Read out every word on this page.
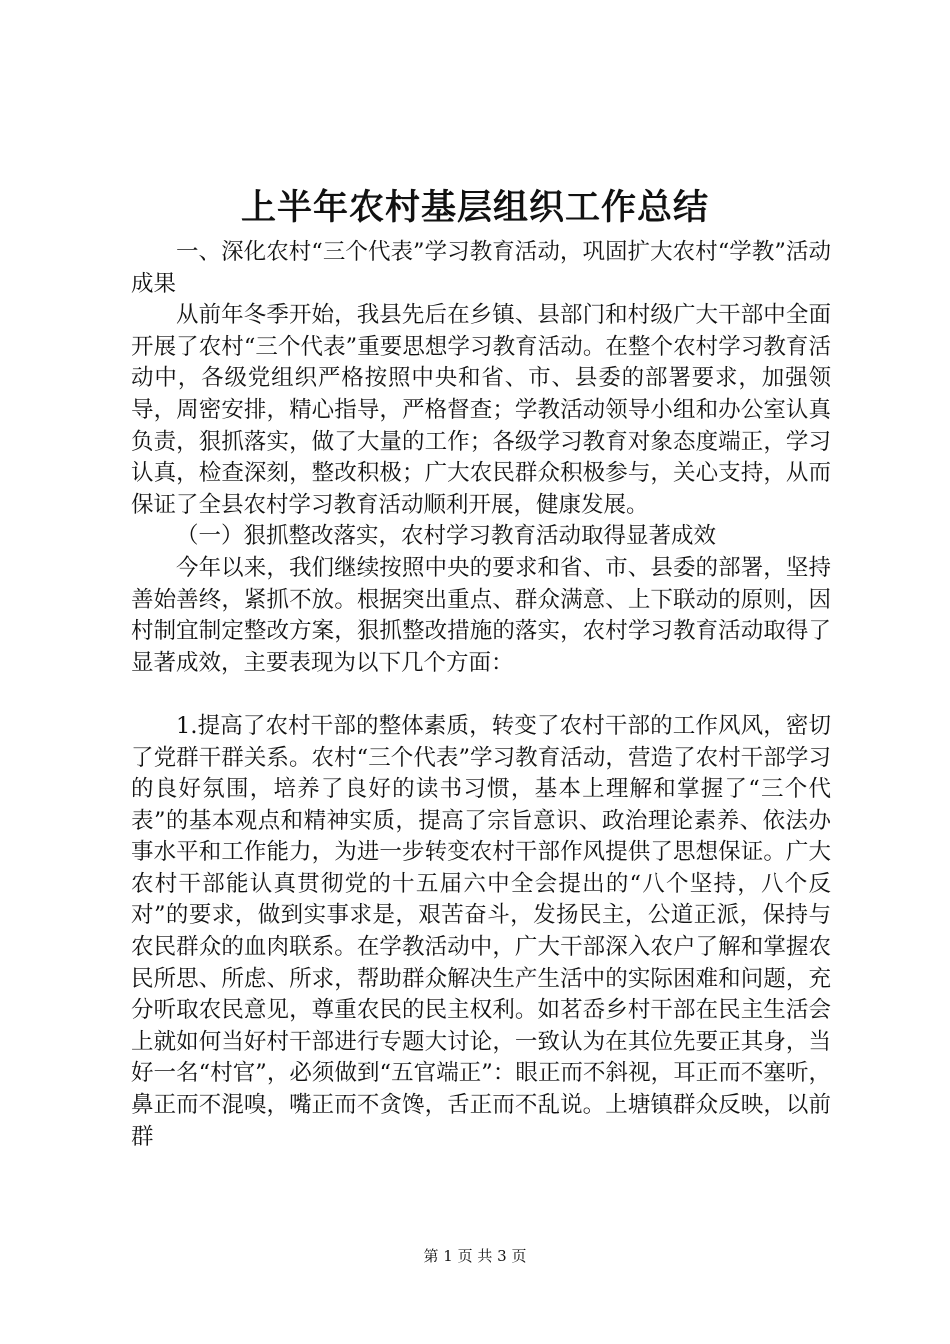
上半年农村基层组织工作总结

一、深化农村“三个代表”学习教育活动，巩固扩大农村“学教”活动成果

从前年冬季开始，我县先后在乡镇、县部门和村级广大干部中全面开展了农村“三个代表”重要思想学习教育活动。在整个农村学习教育活动中，各级党组织严格按照中央和省、市、县委的部署要求，加强领导，周密安排，精心指导，严格督查；学教活动领导小组和办公室认真负责，狠抓落实，做了大量的工作；各级学习教育对象态度端正，学习认真，检查深刻，整改积极；广大农民群众积极参与，关心支持，从而保证了全县农村学习教育活动顺利开展，健康发展。

（一）狠抓整改落实，农村学习教育活动取得显著成效

今年以来，我们继续按照中央的要求和省、市、县委的部署，坚持善始善终，紧抓不放。根据突出重点、群众满意、上下联动的原则，因村制宜制定整改方案，狠抓整改措施的落实，农村学习教育活动取得了显著成效，主要表现为以下几个方面：

1.提高了农村干部的整体素质，转变了农村干部的工作风风，密切了党群干群关系。农村“三个代表”学习教育活动，营造了农村干部学习的良好氛围，培养了良好的读书习惯，基本上理解和掌握了“三个代表”的基本观点和精神实质，提高了宗旨意识、政治理论素养、依法办事水平和工作能力，为进一步转变农村干部作风提供了思想保证。广大农村干部能认真贯彻党的十五届六中全会提出的“八个坚持，八个反对”的要求，做到实事求是，艰苦奋斗，发扬民主，公道正派，保持与农民群众的血肉联系。在学教活动中，广大干部深入农户了解和掌握农民所思、所虑、所求，帮助群众解决生产生活中的实际困难和问题，充分听取农民意见，尊重农民的民主权利。如茗岙乡村干部在民主生活会上就如何当好村干部进行专题大讨论，一致认为在其位先要正其身，当好一名“村官”，必须做到“五官端正”：眼正而不斜视，耳正而不塞听，鼻正而不混嗅，嘴正而不贪馋，舌正而不乱说。上塘镇群众反映，以前群

第 1 页 共 3 页
